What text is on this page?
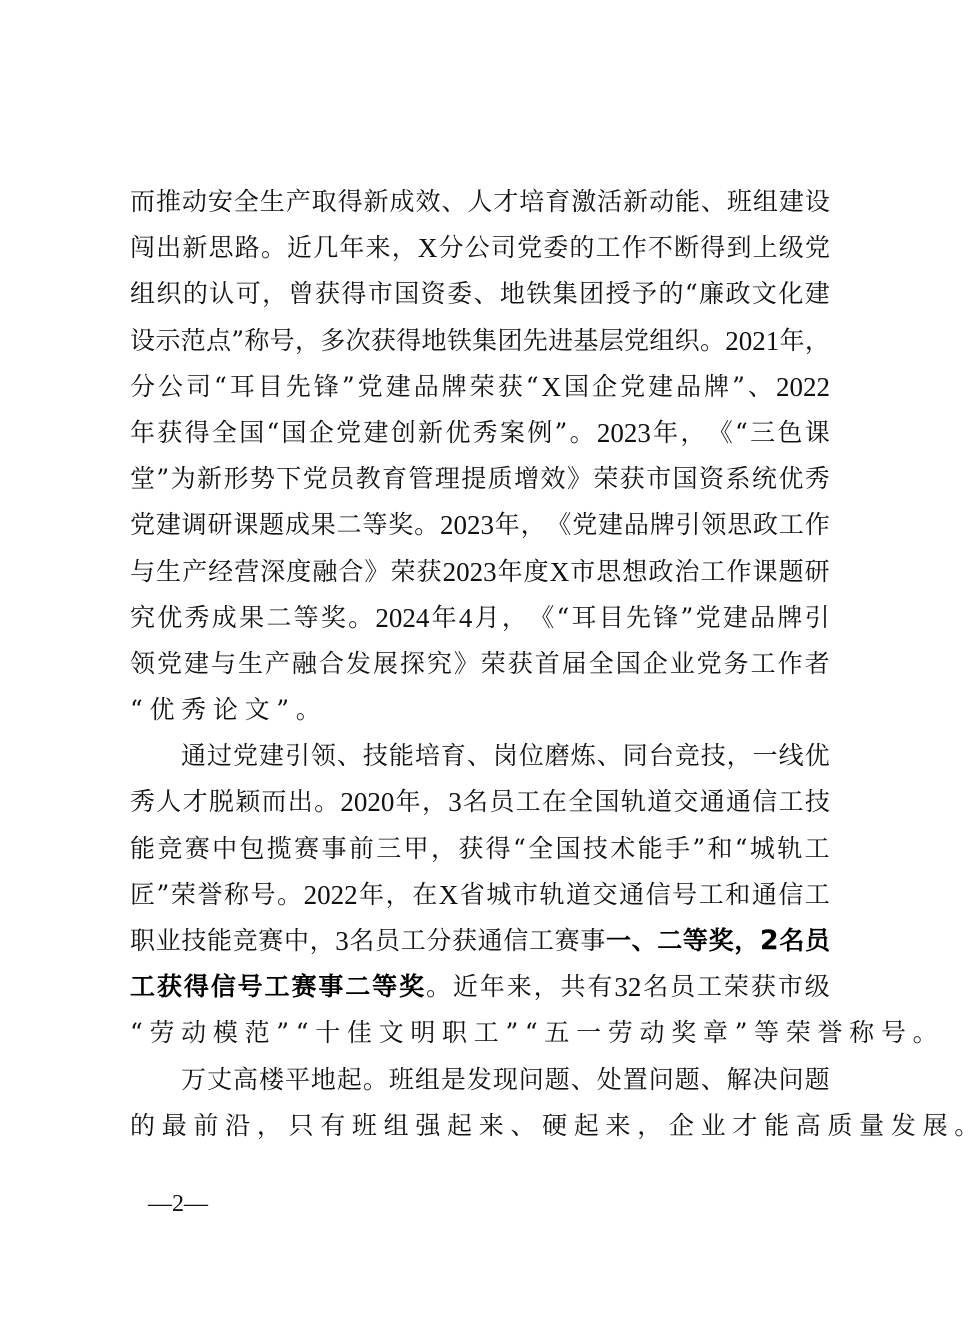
而 推 动 安 全 生 产 取 得 新 成 效 、 人 才 培 育 激 活 新 动 能 、 班 组 建 设
闯 出 新 思 路 。 近 几 年 来 ， X 分 公 司 党 委 的 工 作 不 断 得 到 上 级 党
组 织 的 认 可 ， 曾 获 得 市 国 资 委 、 地 铁 集 团 授 予 的 “ 廉 政 文 化 建
设 示 范 点 ” 称 号 ， 多 次 获 得 地 铁 集 团 先 进 基 层 党 组 织 。 2021 年 ，
分 公 司 “ 耳 目 先 锋 ” 党 建 品 牌 荣 获 “ X 国 企 党 建 品 牌 ” 、 2022
年 获 得 全 国 “ 国 企 党 建 创 新 优 秀 案 例 ” 。 2023 年 ， 《 “ 三 色 课
堂 ” 为 新 形 势 下 党 员 教 育 管 理 提 质 增 效 》 荣 获 市 国 资 系 统 优 秀
党 建 调 研 课 题 成 果 二 等 奖 。 2023 年 ， 《 党 建 品 牌 引 领 思 政 工 作
与 生 产 经 营 深 度 融 合 》 荣 获 2023 年 度 X 市 思 想 政 治 工 作 课 题 研
究 优 秀 成 果 二 等 奖 。 2024 年 4 月 ， 《 “ 耳 目 先 锋 ” 党 建 品 牌 引
领 党 建 与 生 产 融 合 发 展 探 究 》 荣 获 首 届 全 国 企 业 党 务 工 作 者
“ 优 秀 论 文 ” 。
通 过 党 建 引 领 、 技 能 培 育 、 岗 位 磨 炼 、 同 台 竞 技 ， 一 线 优
秀 人 才 脱 颖 而 出 。 2020 年 ， 3 名 员 工 在 全 国 轨 道 交 通 通 信 工 技
能 竞 赛 中 包 揽 赛 事 前 三 甲 ， 获 得 “ 全 国 技 术 能 手 ” 和 “ 城 轨 工
匠 ” 荣 誉 称 号 。 2022 年 ， 在 X 省 城 市 轨 道 交 通 信 号 工 和 通 信 工
职 业 技 能 竞 赛 中 ， 3 名 员 工 分 获 通 信 工 赛 事 一 、 二 等 奖 ， 2 名 员
工 获 得 信 号 工 赛 事 二 等 奖 。 近 年 来 ， 共 有 32 名 员 工 荣 获 市 级
“ 劳 动 模 范 ” “ 十 佳 文 明 职 工 ” “ 五 一 劳 动 奖 章 ” 等 荣 誉 称 号 。
万 丈 高 楼 平 地 起 。 班 组 是 发 现 问 题 、 处 置 问 题 、 解 决 问 题
的 最 前 沿 ， 只 有 班 组 强 起 来 、 硬 起 来 ， 企 业 才 能 高 质 量 发 展 。
—2—
